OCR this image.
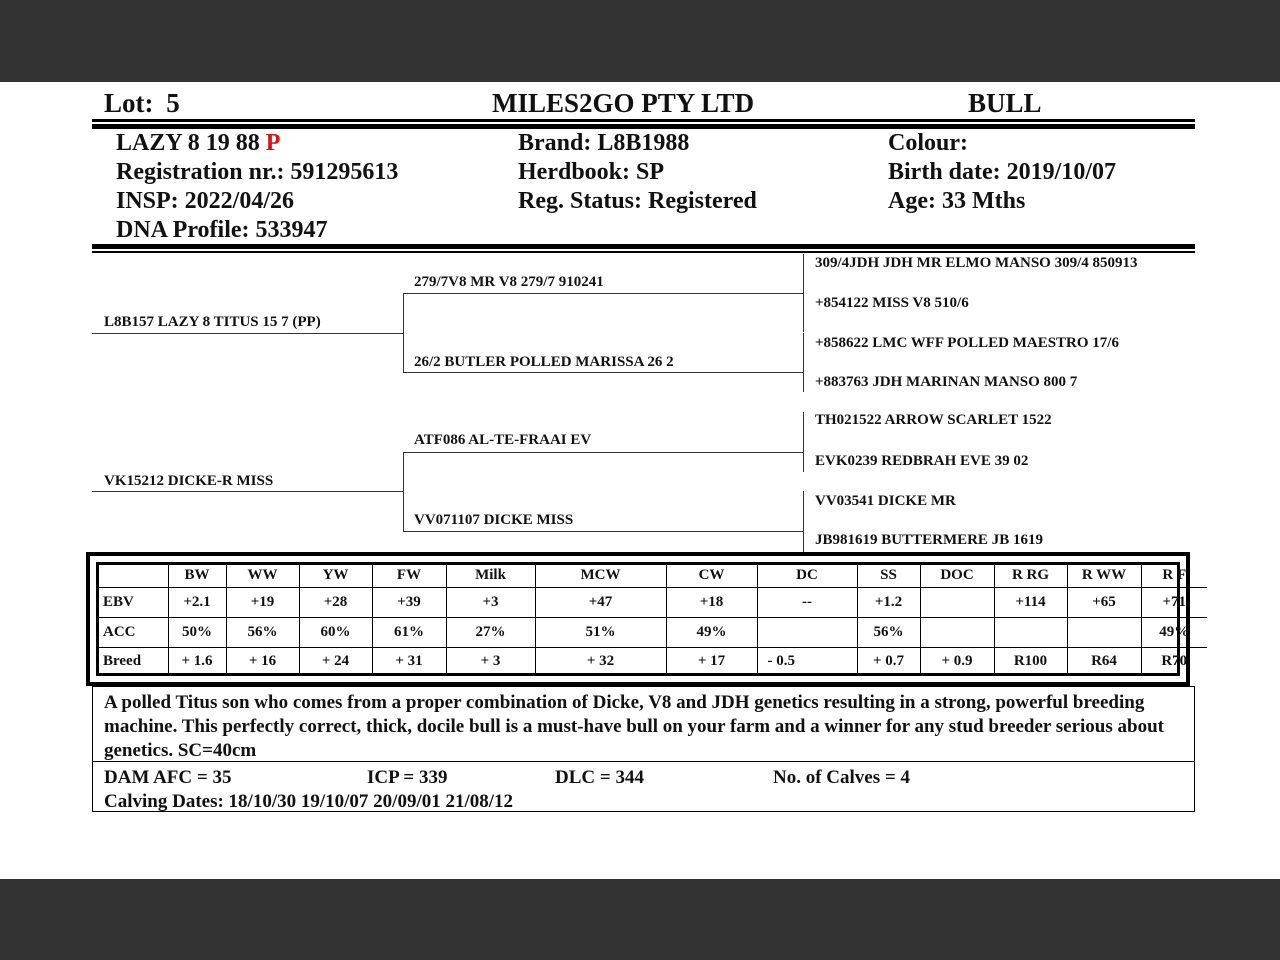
Lot: 5	MILES2GO PTY LTD	BULL
LAZY 8 19 88 P
Registration nr.: 591295613
INSP: 2022/04/26
DNA Profile: 533947
Brand: L8B1988
Herdbook: SP
Reg. Status: Registered
Colour:
Birth date: 2019/10/07
Age: 33 Mths
L8B157 LAZY 8 TITUS 15 7 (PP)
VK15212 DICKE-R MISS
279/7V8 MR V8 279/7 910241
26/2 BUTLER POLLED MARISSA 26 2
ATF086 AL-TE-FRAAI EV
VV071107 DICKE MISS
309/4JDH JDH MR ELMO MANSO 309/4 850913
+854122 MISS V8 510/6
+858622 LMC WFF POLLED MAESTRO 17/6
+883763 JDH MARINAN MANSO 800 7
TH021522 ARROW SCARLET 1522
EVK0239 REDBRAH EVE 39 02
VV03541 DICKE MR
JB981619 BUTTERMERE JB 1619
	BW	WW	YW	FW	Milk	MCW	CW	DC	SS	DOC	R RG	R WW	R F
EBV	+2.1	+19	+28	+39	+3	+47	+18	--	+1.2		+114	+65	+71
ACC	50%	56%	60%	61%	27%	51%	49%		56%				49%
Breed	+ 1.6	+ 16	+ 24	+ 31	+ 3	+ 32	+ 17	- 0.5	+ 0.7	+ 0.9	R100	R64	R70
A polled Titus son who comes from a proper combination of Dicke, V8 and JDH genetics resulting in a strong, powerful breeding machine. This perfectly correct, thick, docile bull is a must-have bull on your farm and a winner for any stud breeder serious about genetics. SC=40cm
DAM AFC = 35	ICP = 339	DLC = 344	No. of Calves = 4
Calving Dates: 18/10/30 19/10/07 20/09/01 21/08/12
